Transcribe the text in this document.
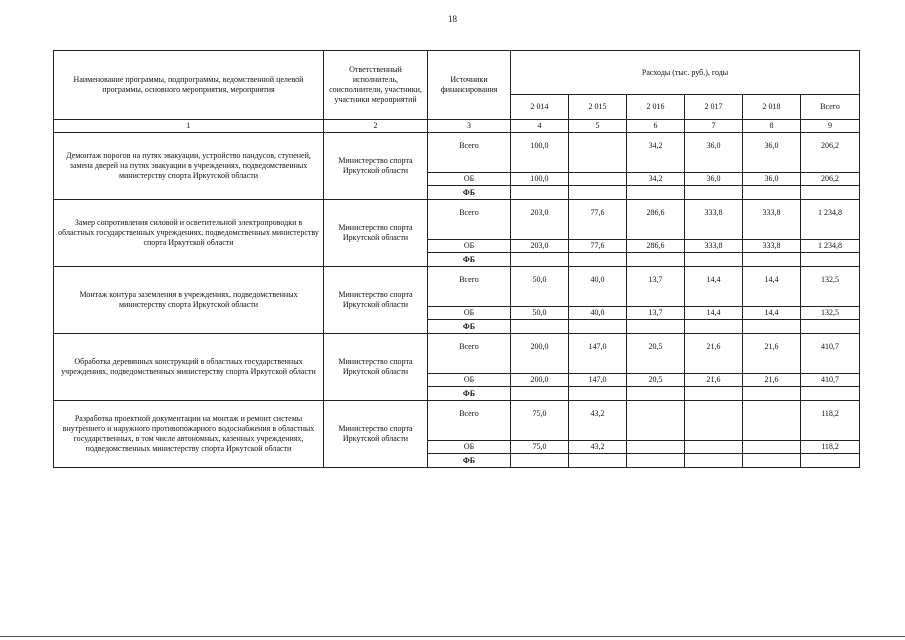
18
Наименование программы, подпрограммы, ведомственной целевой программы, основного мероприятия, мероприятия	Ответственный исполнитель, соисполнители, участники, участники мероприятий	Источники финансирования	Расходы (тыс. руб.), годы					
			2 014	2 015	2 016	2 017	2 018	Всего
1	2	3	4	5	6	7	8	9
Демонтаж порогов на путях эвакуации, устройство пандусов, ступеней, замена дверей на путях эвакуации в учреждениях, подведомственных министерству спорта Иркутской области	Министерство спорта Иркутской области	Всего	100,0		34,2	36,0	36,0	206,2
		ОБ	100,0		34,2	36,0	36,0	206,2
		ФБ						
Замер сопротивления силовой и осветительной электропроводки в областных государственных учреждениях, подведомственных министерству спорта Иркутской области	Министерство спорта Иркутской области	Всего	203,0	77,6	286,6	333,8	333,8	1 234,8
		ОБ	203,0	77,6	286,6	333,8	333,8	1 234,8
		ФБ						
Монтаж контура заземления в учреждениях, подведомственных министерству спорта Иркутской области	Министерство спорта Иркутской области	Всего	50,0	40,0	13,7	14,4	14,4	132,5
		ОБ	50,0	40,0	13,7	14,4	14,4	132,5
		ФБ						
Обработка деревянных конструкций в областных государственных учреждениях, подведомственных министерству спорта Иркутской области	Министерство спорта Иркутской области	Всего	200,0	147,0	20,5	21,6	21,6	410,7
		ОБ	200,0	147,0	20,5	21,6	21,6	410,7
		ФБ						
Разработка проектной документации на монтаж и ремонт системы внутреннего и наружного противопожарного водоснабжения в областных государственных, в том числе автономных, казенных учреждениях, подведомственных министерству спорта Иркутской области	Министерство спорта Иркутской области	Всего	75,0	43,2				118,2
		ОБ	75,0	43,2				118,2
		ФБ						
